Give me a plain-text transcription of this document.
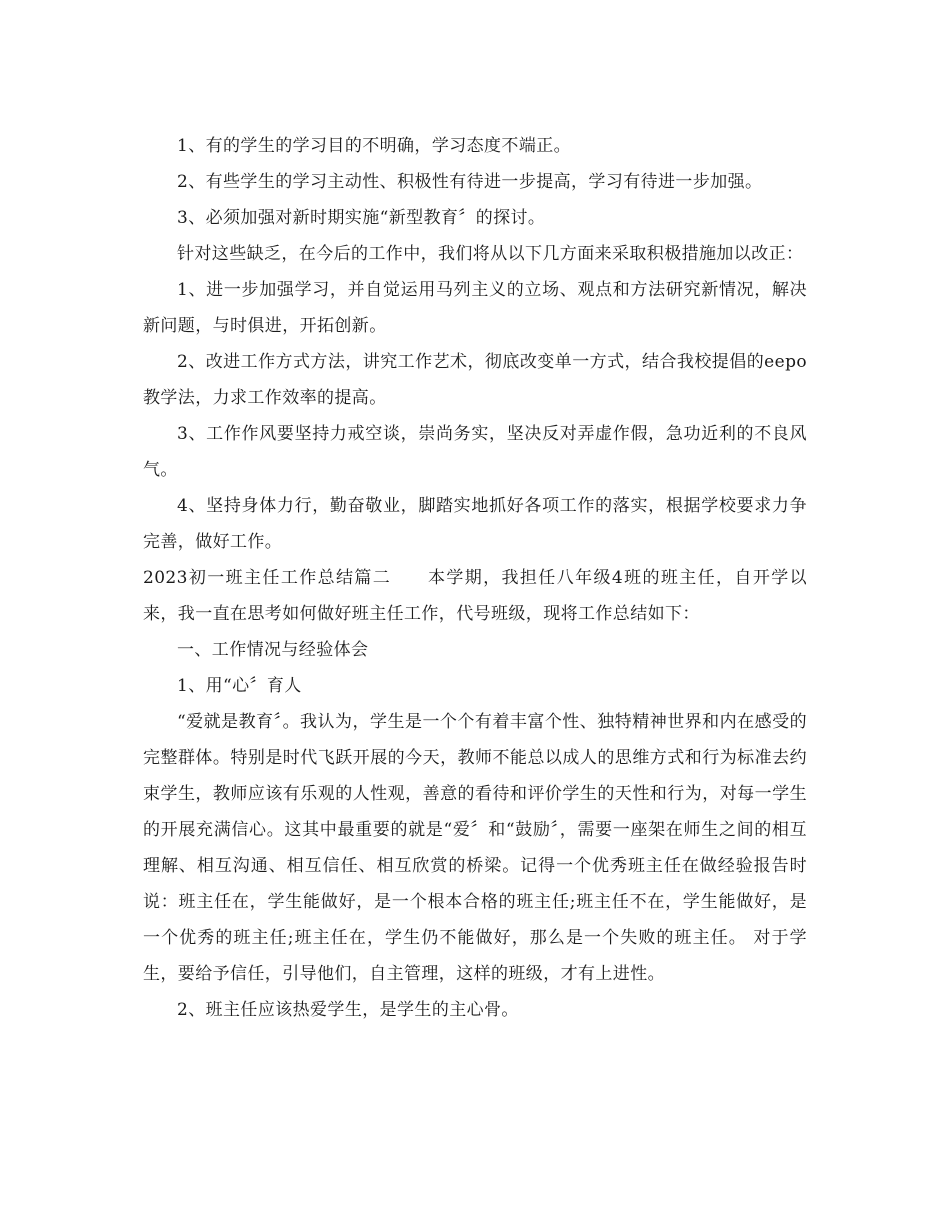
1、有的学生的学习目的不明确，学习态度不端正。

2、有些学生的学习主动性、积极性有待进一步提高，学习有待进一步加强。

3、必须加强对新时期实施“新型教育〞的探讨。

针对这些缺乏，在今后的工作中，我们将从以下几方面来采取积极措施加以改正：

1、进一步加强学习，并自觉运用马列主义的立场、观点和方法研究新情况，解决新问题，与时俱进，开拓创新。

2、改进工作方式方法，讲究工作艺术，彻底改变单一方式，结合我校提倡的eepo教学法，力求工作效率的提高。

3、工作作风要坚持力戒空谈，崇尚务实，坚决反对弄虚作假，急功近利的不良风气。

4、坚持身体力行，勤奋敬业，脚踏实地抓好各项工作的落实，根据学校要求力争完善，做好工作。

2023初一班主任工作总结篇二　　本学期，我担任八年级4班的班主任，自开学以来，我一直在思考如何做好班主任工作，代号班级，现将工作总结如下：

一、工作情况与经验体会

1、用“心〞育人

“爱就是教育〞。我认为，学生是一个个有着丰富个性、独特精神世界和内在感受的完整群体。特别是时代飞跃开展的今天，教师不能总以成人的思维方式和行为标准去约束学生，教师应该有乐观的人性观，善意的看待和评价学生的天性和行为，对每一学生的开展充满信心。这其中最重要的就是“爱〞和“鼓励〞，需要一座架在师生之间的相互理解、相互沟通、相互信任、相互欣赏的桥梁。记得一个优秀班主任在做经验报告时说：班主任在，学生能做好，是一个根本合格的班主任;班主任不在，学生能做好，是一个优秀的班主任;班主任在，学生仍不能做好，那么是一个失败的班主任。 对于学生，要给予信任，引导他们，自主管理，这样的班级，才有上进性。

2、班主任应该热爱学生，是学生的主心骨。
